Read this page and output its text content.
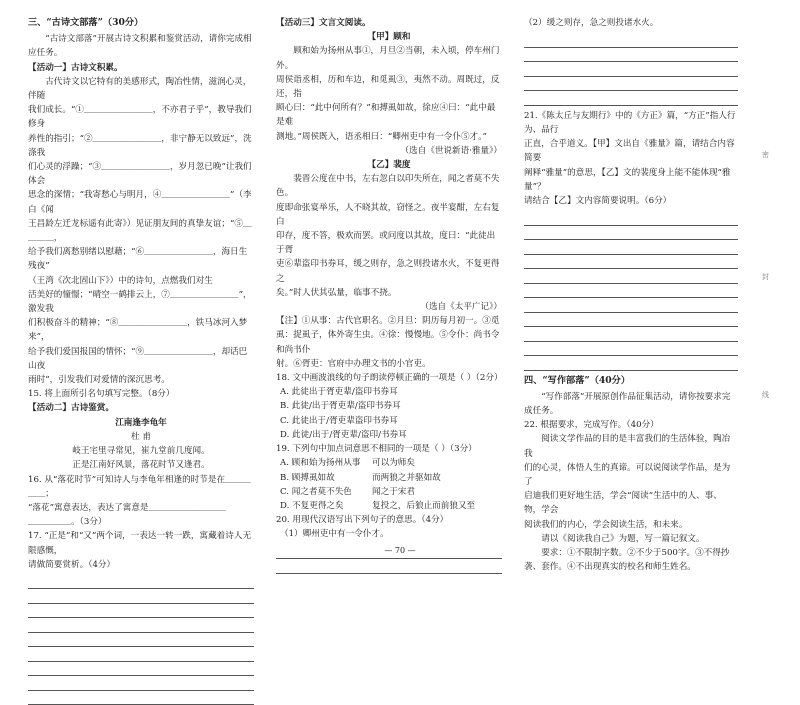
三、“古诗文部落”（30分）

“古诗文部落”开展古诗文积累和鉴赏活动，请你完成相应任务。

【活动一】古诗文积累。

古代诗文以它特有的美感形式，陶冶性情，滋润心灵，伴随

我们成长。“①＿＿＿＿＿＿＿＿，不亦君子乎”，教导我们修身

养性的指引；“②＿＿＿＿＿＿＿＿，非宁静无以致远”，洗涤我

们心灵的浮躁；“③＿＿＿＿＿＿＿＿，岁月忽已晚”让我们体会

思念的深情；“我寄愁心与明月，④＿＿＿＿＿＿＿＿”（李白《闻

王昌龄左迁龙标遥有此寄》）见证朋友间的真挚友谊；“⑤＿＿＿＿，

给予我们离愁别绪以慰藉；“⑥＿＿＿＿＿＿＿＿，海日生残夜”

（王湾《次北固山下》）中的诗句，点燃我们对生

活美好的憧憬；“晴空一鹤排云上，⑦＿＿＿＿＿＿＿＿”，激发我

们积极奋斗的精神；“⑧＿＿＿＿＿＿＿＿，铁马冰河入梦来”，

给予我们爱国报国的情怀；“⑨＿＿＿＿＿＿＿＿，却话巴山夜

雨时”，引发我们对爱情的深沉思考。

15. 将上面所引名句填写完整。（8分）

【活动二】古诗鉴赏。
江南逢李龟年
杜 甫
岐王宅里寻常见，崔九堂前几度闻。
正是江南好风景，落花时节又逢君。

16. 从“落花时节”可知诗人与李龟年相逢的时节是在＿＿＿＿＿；

“落花”寓意表达，表达了寓意是＿＿＿＿＿＿＿＿＿

＿＿＿＿＿。（3分）

17. “正是”和“又”两个词，一表达一转一跌，寓藏着诗人无限感慨，

请做简要赏析。（4分）

【活动三】文言文阅读。
【甲】顾和

顾和始为扬州从事①，月旦②当朝，未入顷，停车州门外。

周侯诣丞相，历和车边，和觅虱③，夷然不动。周既过，反还，指

顾心曰：“此中何所有？”和搏虱如故，徐应④曰：“此中最是难

测地。”周侯既入，语丞相曰：“卿州吏中有一令仆⑤才。”

（选自《世说新语·雅量》）
【乙】裴度

裴晋公度在中书，左右忽白以印失所在，闻之者莫不失色。

度即命张宴举乐，人不晓其故，窃怪之。夜半宴酣，左右复白

印存，度不答，极欢而罢。或问度以其故，度曰：“此徒出于胥

吏⑥辈盗印书券耳，缓之则存，急之则投诸水火，不复更得之

矣。”时人伏其弘量，临事不挠。

（选自《太平广记》）

【注】①从事：古代官职名。②月旦：阴历每月初一。③觅

虱：捉虱子，体外寄生虫。④徐：慢慢地。⑤令仆：尚书令和尚书仆

射。⑥胥吏：官府中办理文书的小官吏。

18. 文中画波浪线的句子朗读停顿正确的一项是（ ）（2分）

A. 此徒出于胥吏辈/盗印书券耳

B. 此徒/出于胥吏辈/盗印书券耳

C. 此徒出于/胥吏辈盗印书券耳

D. 此徒/出于/胥吏辈/盗印/书券耳

19. 下列句中加点词意思不相同的一项是（ ）（3分）

A. 顾和始为扬州从事 可以为师矣
B. 顾搏虱如故	而两狼之并驱如故
C. 闻之者莫不失色 闻之于宋君
D. 不复更得之矣	复投之，后狼止而前狼又至

20. 用现代汉语写出下列句子的意思。（4分）

（1）卿州吏中有一令仆才。

— 70 —

（2）缓之则存，急之则投诸水火。

21.《陈太丘与友期行》中的《方正》篇，“方正”指人行为、品行

正直，合乎道义。【甲】文出自《雅量》篇，请结合内容简要

阐释“雅量”的意思，【乙】文的裴度身上能不能体现“雅量”？

请结合【乙】文内容简要说明。（6分）

四、“写作部落”（40分）

“写作部落”开展原创作品征集活动，请你按要求完成任务。

22. 根据要求，完成写作。（40分）

阅读文学作品的目的是丰富我们的生活体验，陶冶我

们的心灵，体悟人生的真谛。可以说阅读学作品，是为了

启迪我们更好地生活，学会“阅读”生活中的人、事、物，学会

阅读我们的内心，学会阅读生活，和未来。

请以《阅读我自己》为题，写一篇记叙文。

要求：①不限制字数。②不少于500字。③不得抄袭、套作。④不出现真实的校名和师生姓名。

密
封
线
